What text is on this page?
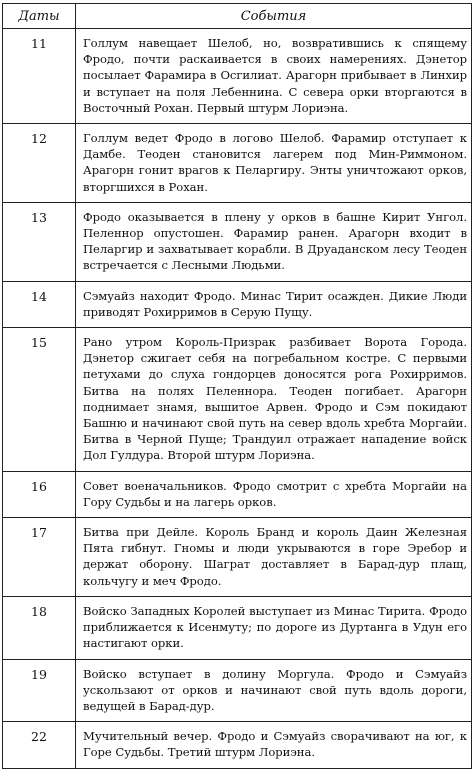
Даты	События
11	Голлум навещает Шелоб, но, возвратившись к спящему Фродо, почти раскаивается в своих намерениях. Дэнетор посылает Фарамира в Осгилиат. Арагорн прибывает в Линхир и вступает на поля Лебеннина. С севера орки вторгаются в Восточный Рохан. Первый штурм Лориэна.
12	Голлум ведет Фродо в логово Шелоб. Фарамир отступает к Дамбе. Теоден становится лагерем под Мин-Риммоном. Арагорн гонит врагов к Пеларгиру. Энты уничтожают орков, вторгшихся в Рохан.
13	Фродо оказывается в плену у орков в башне Кирит Унгол. Пеленнор опустошен. Фарамир ранен. Арагорн входит в Пеларгир и захватывает корабли. В Друаданском лесу Теоден встречается с Лесными Людьми.
14	Сэмуайз находит Фродо. Минас Тирит осажден. Дикие Люди приводят Рохирримов в Серую Пущу.
15	Рано утром Король-Призрак разбивает Ворота Города. Дэнетор сжигает себя на погребальном костре. С первыми петухами до слуха гондорцев доносятся рога Рохирримов. Битва на полях Пеленнора. Теоден погибает. Арагорн поднимает знамя, вышитое Арвен. Фродо и Сэм покидают Башню и начинают свой путь на север вдоль хребта Моргайи. Битва в Черной Пуще; Трандуил отражает нападение войск Дол Гулдура. Второй штурм Лориэна.
16	Совет военачальников. Фродо смотрит с хребта Моргайи на Гору Судьбы и на лагерь орков.
17	Битва при Дейле. Король Бранд и король Даин Железная Пята гибнут. Гномы и люди укрываются в горе Эребор и держат оборону. Шаграт доставляет в Барад-дур плащ, кольчугу и меч Фродо.
18	Войско Западных Королей выступает из Минас Тирита. Фродо приближается к Исенмуту; по дороге из Дуртанга в Удун его настигают орки.
19	Войско вступает в долину Моргула. Фродо и Сэмуайз ускользают от орков и начинают свой путь вдоль дороги, ведущей в Барад-дур.
22	Мучительный вечер. Фродо и Сэмуайз сворачивают на юг, к Горе Судьбы. Третий штурм Лориэна.
